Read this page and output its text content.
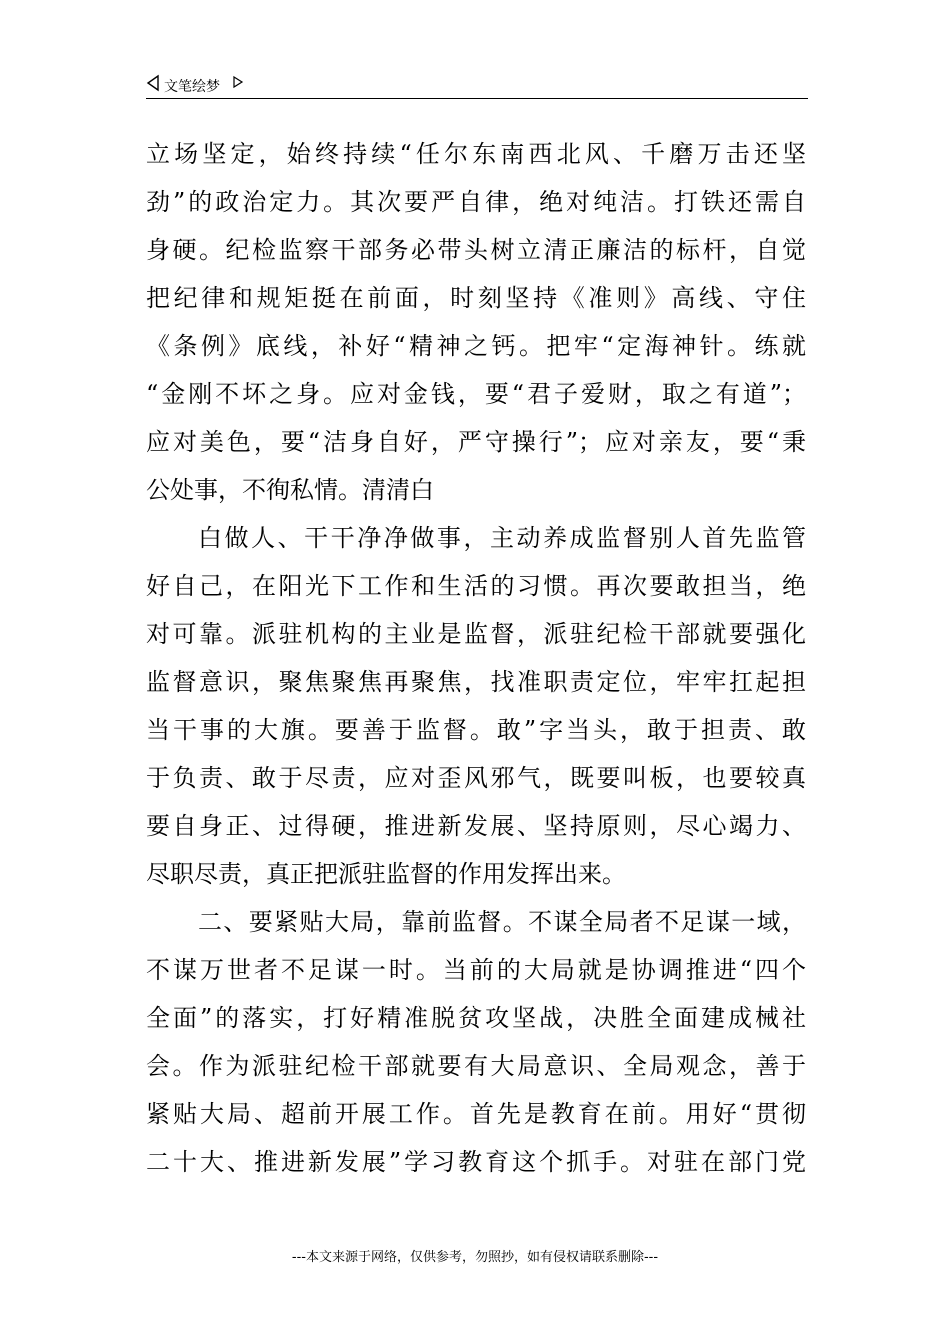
文笔绘梦
立场坚定，始终持续“任尔东南西北风、千磨万击还坚
劲”的政治定力。其次要严自律，绝对纯洁。打铁还需自
身硬。纪检监察干部务必带头树立清正廉洁的标杆，自觉
把纪律和规矩挺在前面，时刻坚持《准则》高线、守住
《条例》底线，补好“精神之钙。把牢“定海神针。练就
“金刚不坏之身。应对金钱，要“君子爱财，取之有道”；
应对美色，要“洁身自好，严守操行”；应对亲友，要“秉
公处事，不徇私情。清清白
白做人、干干净净做事，主动养成监督别人首先监管
好自己，在阳光下工作和生活的习惯。再次要敢担当，绝
对可靠。派驻机构的主业是监督，派驻纪检干部就要强化
监督意识，聚焦聚焦再聚焦，找准职责定位，牢牢扛起担
当干事的大旗。要善于监督。敢”字当头，敢于担责、敢
于负责、敢于尽责，应对歪风邪气，既要叫板，也要较真
要自身正、过得硬，推进新发展、坚持原则，尽心竭力、
尽职尽责，真正把派驻监督的作用发挥出来。
二、要紧贴大局，靠前监督。不谋全局者不足谋一域，
不谋万世者不足谋一时。当前的大局就是协调推进“四个
全面”的落实，打好精准脱贫攻坚战，决胜全面建成械社
会。作为派驻纪检干部就要有大局意识、全局观念，善于
紧贴大局、超前开展工作。首先是教育在前。用好“贯彻
二十大、推进新发展”学习教育这个抓手。对驻在部门党
---本文来源于网络，仅供参考，勿照抄，如有侵权请联系删除---
